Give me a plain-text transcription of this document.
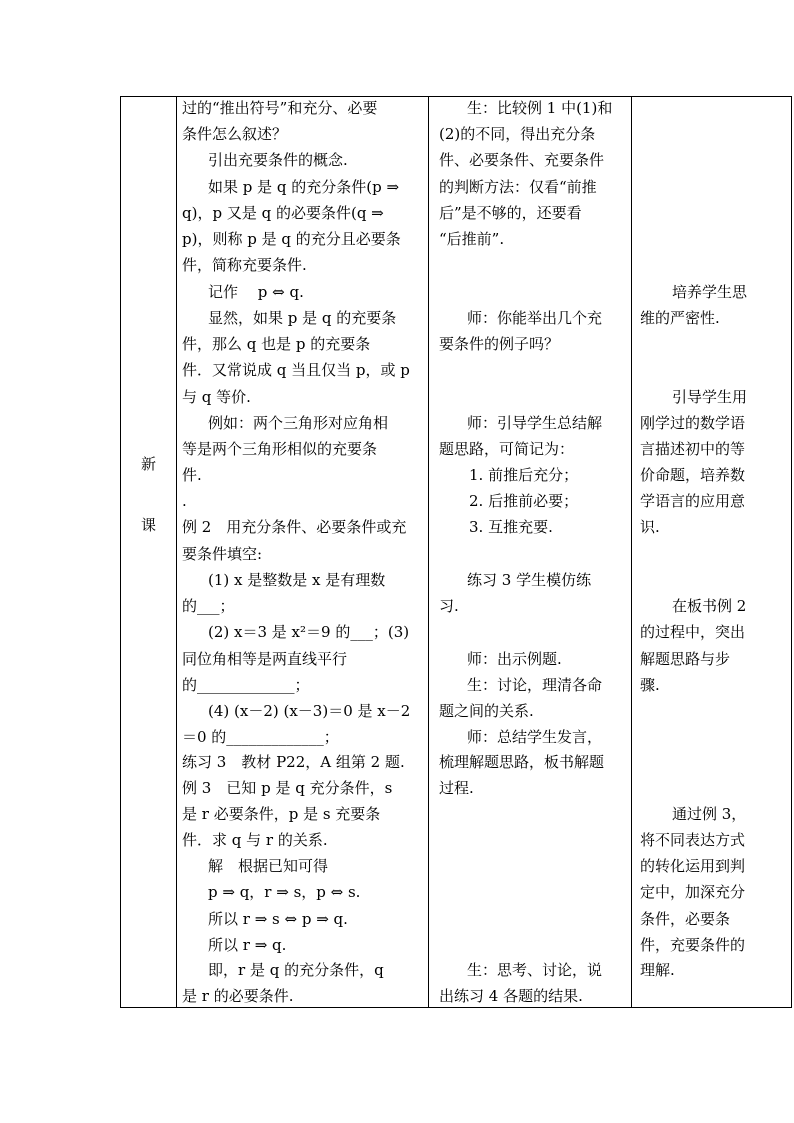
新
课
过的“推出符号”和充分、必要
条件怎么叙述？
引出充要条件的概念.
如果 p 是 q 的充分条件(p ⇒
q)，p 又是 q 的必要条件(q ⇒
p)，则称 p 是 q 的充分且必要条
件，简称充要条件.
记作　 p ⇔ q.
显然，如果 p 是 q 的充要条
件，那么 q 也是 p 的充要条
件．又常说成 q 当且仅当 p，或 p
与 q 等价.
例如：两个三角形对应角相
等是两个三角形相似的充要条
件.
.
例 2　用充分条件、必要条件或充
要条件填空:
(1) x 是整数是 x 是有理数
的___；
(2) x＝3 是 x²＝9 的___；(3)
同位角相等是两直线平行
的_____________；
(4) (x－2) (x－3)＝0 是 x－2
＝0 的_____________；
练习 3　教材 P22，A 组第 2 题.
例 3　已知 p 是 q 充分条件，s
是 r 必要条件，p 是 s 充要条
件．求 q 与 r 的关系.
解　根据已知可得
p ⇒ q，r ⇒ s，p ⇔ s.
所以 r ⇒ s ⇔ p ⇒ q.
所以 r ⇒ q.
即，r 是 q 的充分条件，q
是 r 的必要条件.
生：比较例 1 中(1)和
(2)的不同，得出充分条
件、必要条件、充要条件
的判断方法：仅看“前推
后”是不够的，还要看
“后推前”.
师：你能举出几个充
要条件的例子吗？
师：引导学生总结解
题思路，可简记为：
1. 前推后充分；
2. 后推前必要；
3. 互推充要.
练习 3 学生模仿练
习.
师：出示例题.
生：讨论，理清各命
题之间的关系.
师：总结学生发言，
梳理解题思路，板书解题
过程.
生：思考、讨论，说
出练习 4 各题的结果.
培养学生思
维的严密性.
引导学生用
刚学过的数学语
言描述初中的等
价命题，培养数
学语言的应用意
识.
在板书例 2
的过程中，突出
解题思路与步
骤.
通过例 3，
将不同表达方式
的转化运用到判
定中，加深充分
条件，必要条
件，充要条件的
理解.
